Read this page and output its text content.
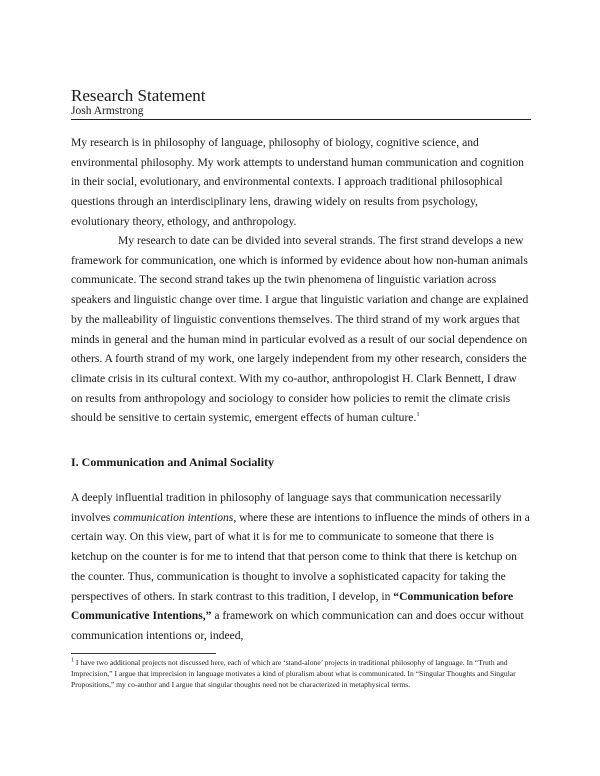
Research Statement

Josh Armstrong

My research is in philosophy of language, philosophy of biology, cognitive science, and environmental philosophy. My work attempts to understand human communication and cognition in their social, evolutionary, and environmental contexts. I approach traditional philosophical questions through an interdisciplinary lens, drawing widely on results from psychology, evolutionary theory, ethology, and anthropology.

My research to date can be divided into several strands. The first strand develops a new framework for communication, one which is informed by evidence about how non-human animals communicate. The second strand takes up the twin phenomena of linguistic variation across speakers and linguistic change over time. I argue that linguistic variation and change are explained by the malleability of linguistic conventions themselves. The third strand of my work argues that minds in general and the human mind in particular evolved as a result of our social dependence on others. A fourth strand of my work, one largely independent from my other research, considers the climate crisis in its cultural context. With my co-author, anthropologist H. Clark Bennett, I draw on results from anthropology and sociology to consider how policies to remit the climate crisis should be sensitive to certain systemic, emergent effects of human culture.$^1$

I. Communication and Animal Sociality

A deeply influential tradition in philosophy of language says that communication necessarily involves communication intentions, where these are intentions to influence the minds of others in a certain way. On this view, part of what it is for me to communicate to someone that there is ketchup on the counter is for me to intend that that person come to think that there is ketchup on the counter. Thus, communication is thought to involve a sophisticated capacity for taking the perspectives of others. In stark contrast to this tradition, I develop, in “Communication before Communicative Intentions,” a framework on which communication can and does occur without communication intentions or, indeed,

$^1$ I have two additional projects not discussed here, each of which are ‘stand-alone’ projects in traditional philosophy of language. In “Truth and Imprecision,” I argue that imprecision in language motivates a kind of pluralism about what is communicated. In “Singular Thoughts and Singular Propositions,” my co-author and I argue that singular thoughts need not be characterized in metaphysical terms.
